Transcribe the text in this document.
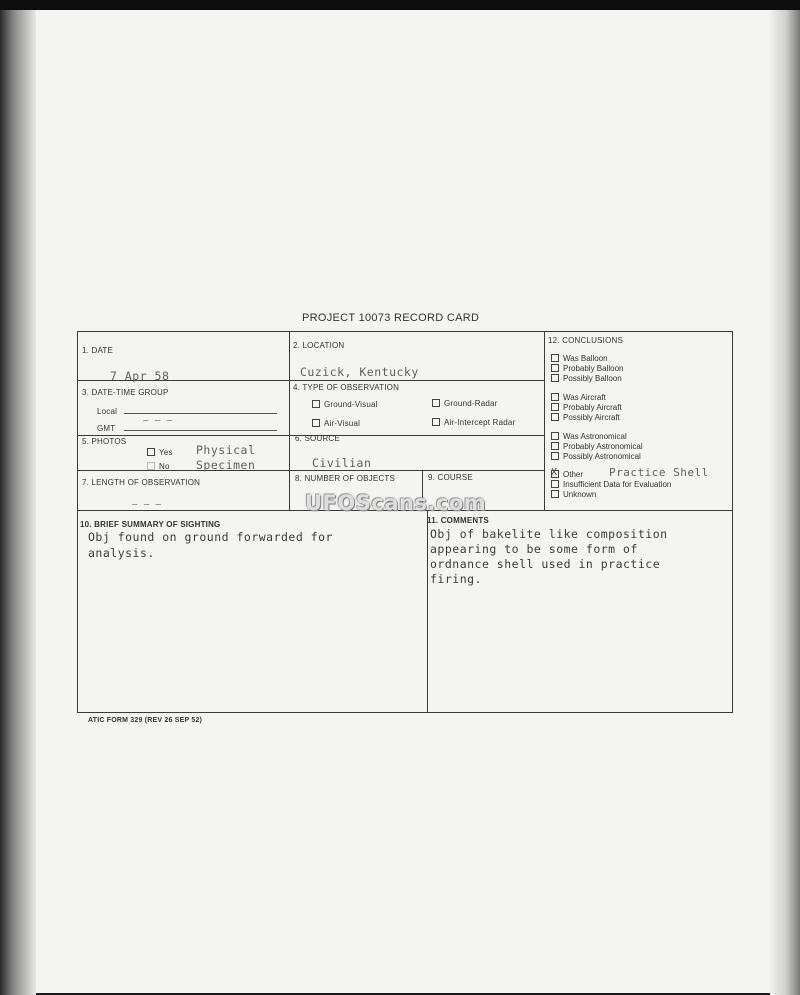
PROJECT 10073 RECORD CARD
1. DATE
7 Apr 58
2. LOCATION
Cuzick, Kentucky
3. DATE-TIME GROUP
Local
GMT
— — —
4. TYPE OF OBSERVATION
Ground-Visual	Ground-Radar
Air-Visual	Air-Intercept Radar
5. PHOTOS
Yes
No
Physical
Specimen
6. SOURCE
Civilian
7. LENGTH OF OBSERVATION
— — —
8. NUMBER OF OBJECTS	9. COURSE
10. BRIEF SUMMARY OF SIGHTING
Obj found on ground forwarded for
analysis.
11. COMMENTS
Obj of bakelite like composition
appearing to be some form of
ordnance shell used in practice
firing.
12. CONCLUSIONS
Was Balloon
Probably Balloon
Possibly Balloon
Was Aircraft
Probably Aircraft
Possibly Aircraft
Was Astronomical
Probably Astronomical
Possibly Astronomical
X Other Practice Shell
Insufficient Data for Evaluation
Unknown
UFOScans.com
ATIC FORM 329 (REV 26 SEP 52)
